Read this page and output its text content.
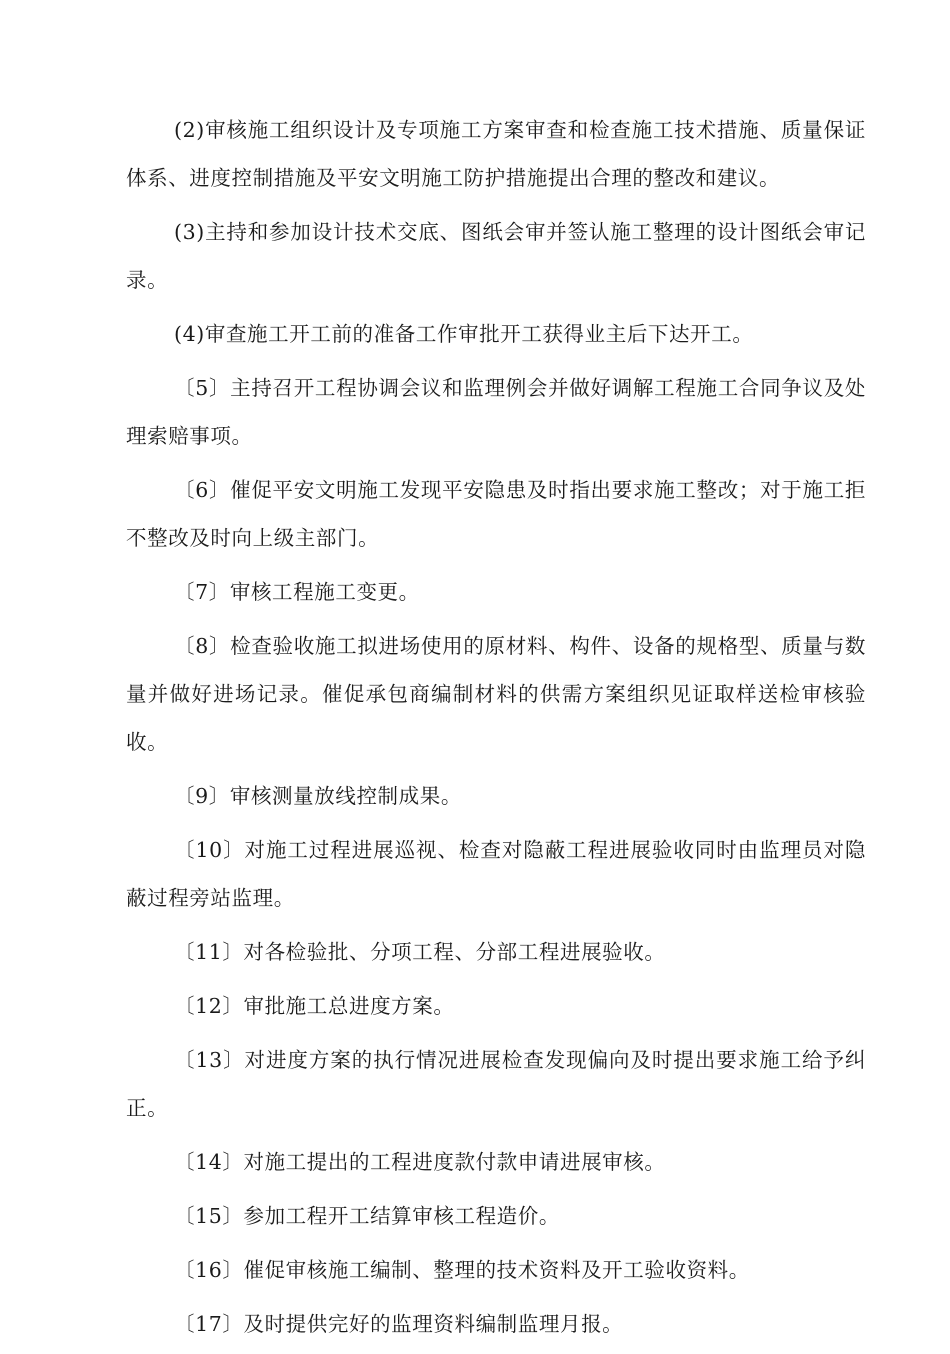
(2)审核施工组织设计及专项施工方案审查和检查施工技术措施、质量保证体系、进度控制措施及平安文明施工防护措施提出合理的整改和建议。

(3)主持和参加设计技术交底、图纸会审并签认施工整理的设计图纸会审记录。

(4)审查施工开工前的准备工作审批开工获得业主后下达开工。

〔5〕主持召开工程协调会议和监理例会并做好调解工程施工合同争议及处理索赔事项。

〔6〕催促平安文明施工发现平安隐患及时指出要求施工整改；对于施工拒不整改及时向上级主部门。

〔7〕审核工程施工变更。

〔8〕检查验收施工拟进场使用的原材料、构件、设备的规格型、质量与数量并做好进场记录。催促承包商编制材料的供需方案组织见证取样送检审核验收。

〔9〕审核测量放线控制成果。

〔10〕对施工过程进展巡视、检查对隐蔽工程进展验收同时由监理员对隐蔽过程旁站监理。

〔11〕对各检验批、分项工程、分部工程进展验收。

〔12〕审批施工总进度方案。

〔13〕对进度方案的执行情况进展检查发现偏向及时提出要求施工给予纠正。

〔14〕对施工提出的工程进度款付款申请进展审核。

〔15〕参加工程开工结算审核工程造价。

〔16〕催促审核施工编制、整理的技术资料及开工验收资料。

〔17〕及时提供完好的监理资料编制监理月报。
